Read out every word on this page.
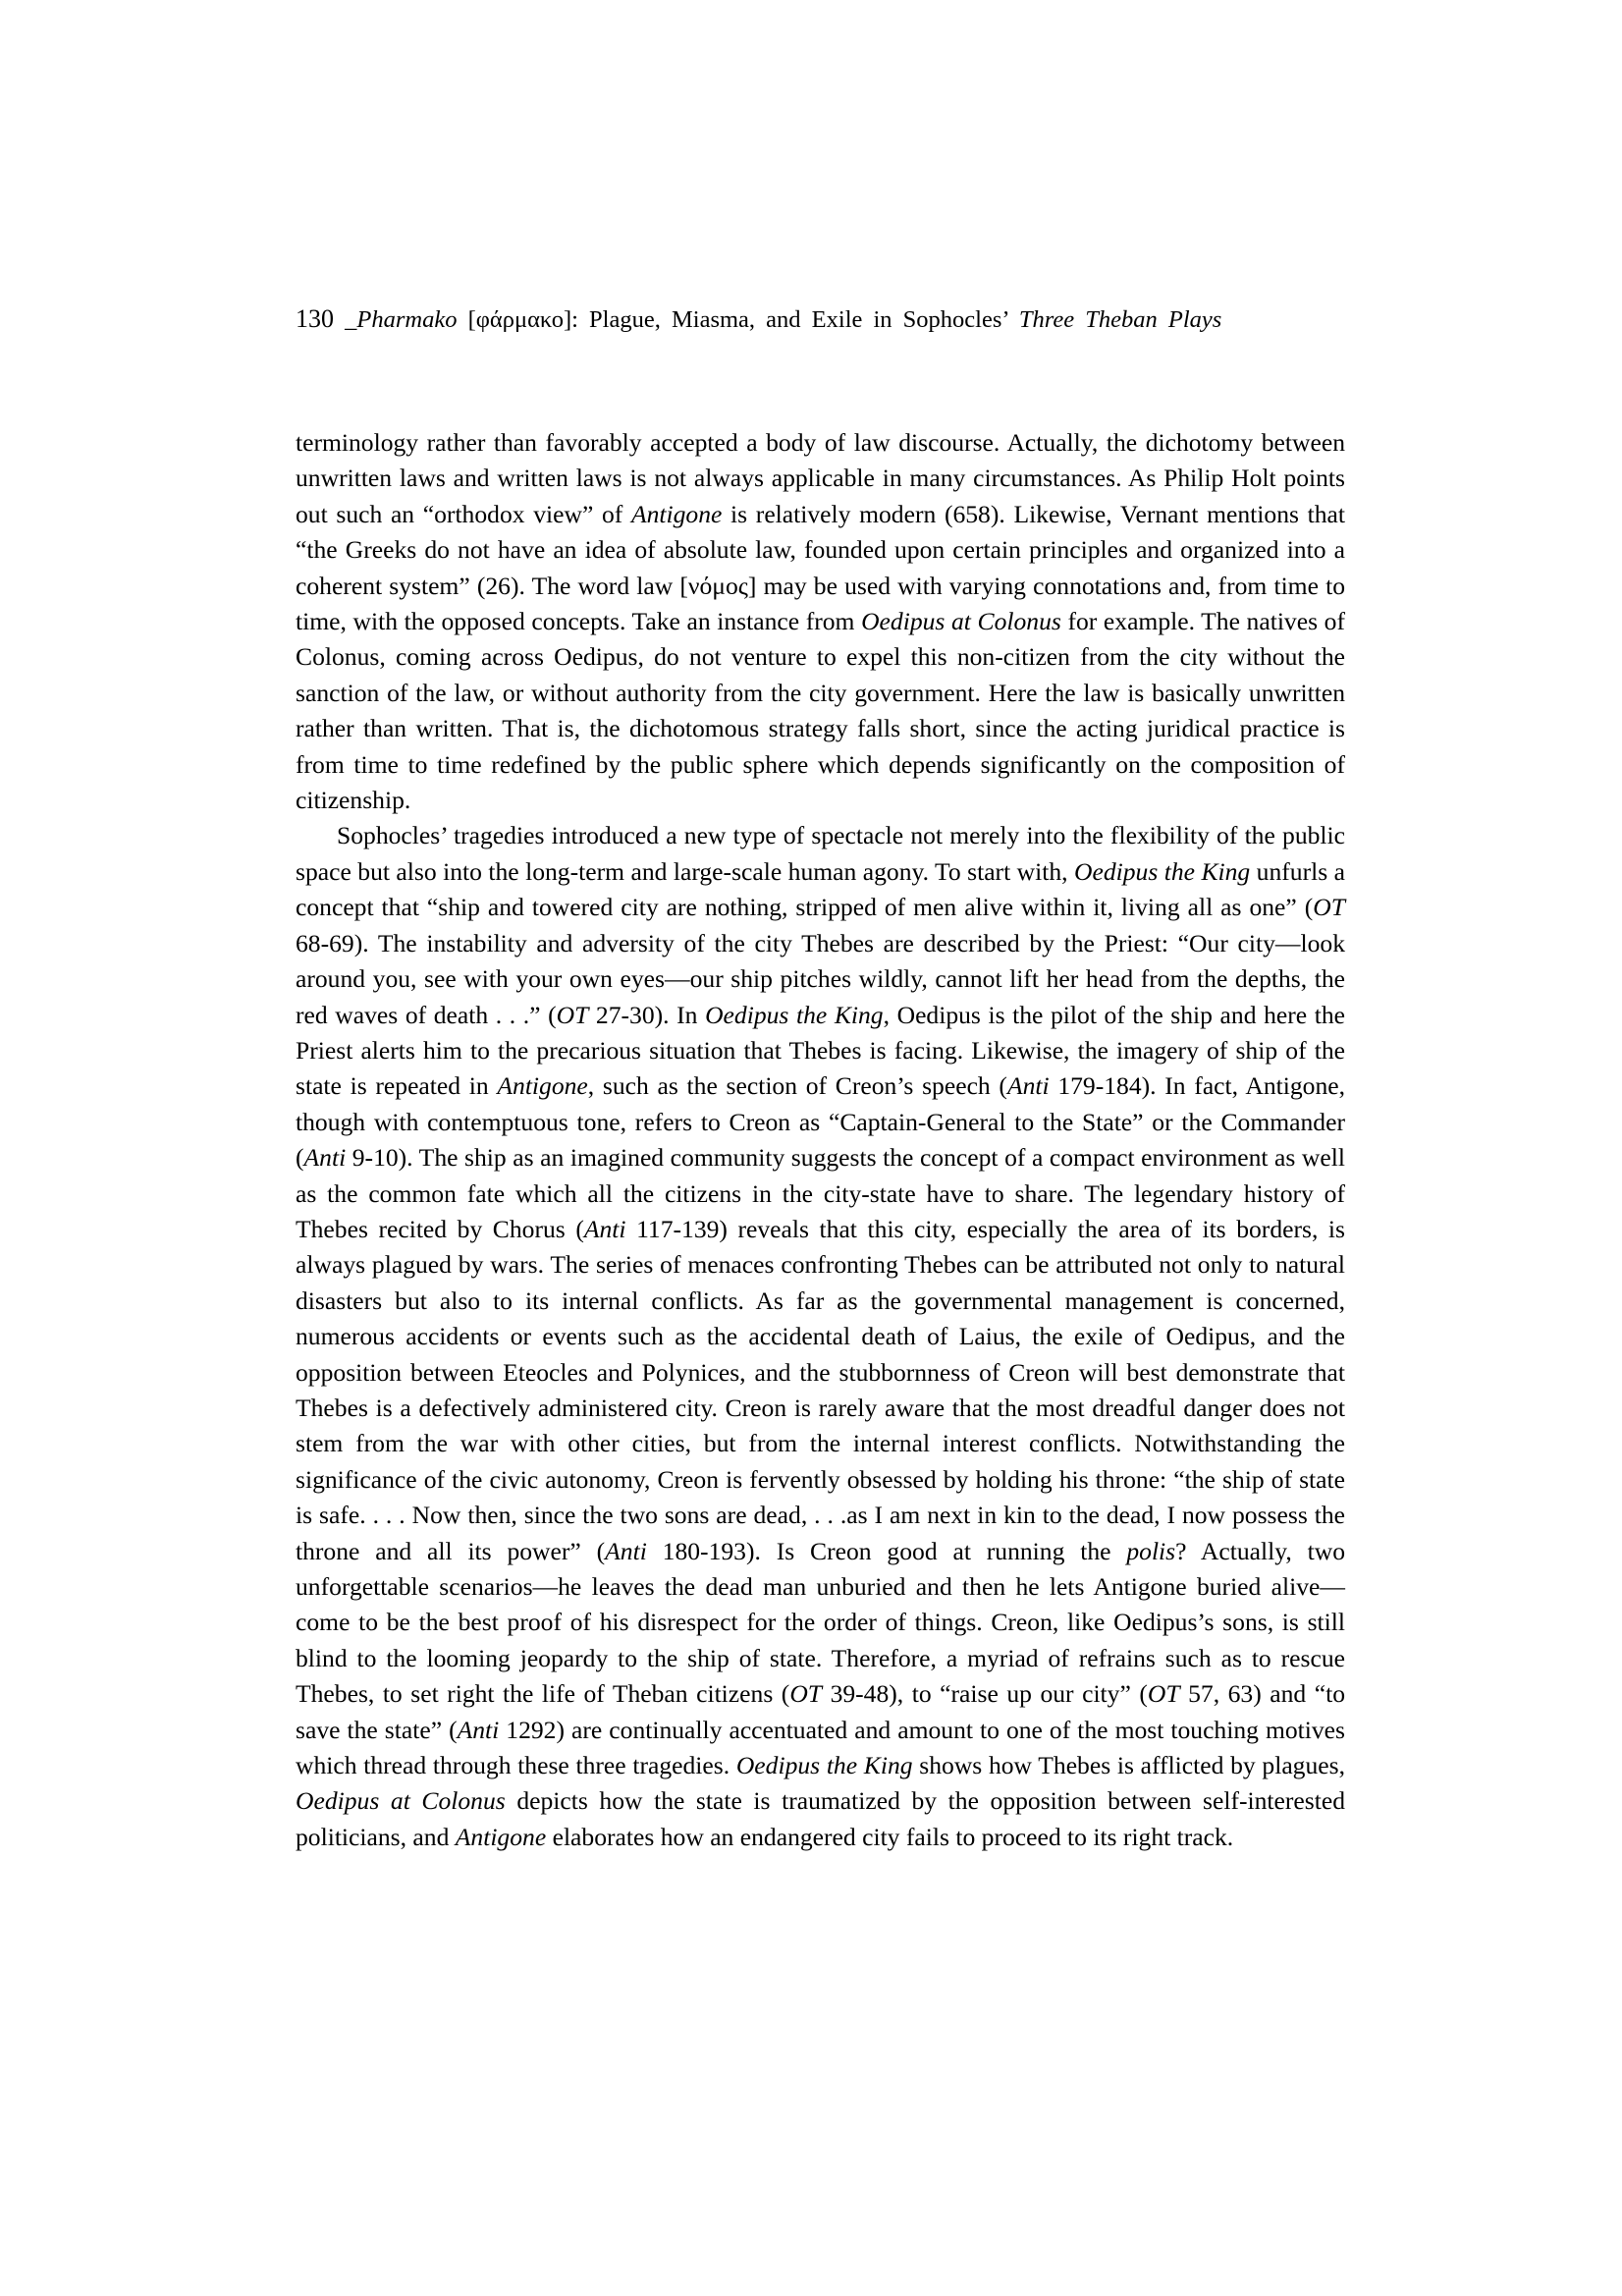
130 _Pharmako [φάρμακο]: Plague, Miasma, and Exile in Sophocles’ Three Theban Plays

terminology rather than favorably accepted a body of law discourse. Actually, the dichotomy between unwritten laws and written laws is not always applicable in many circumstances. As Philip Holt points out such an “orthodox view” of Antigone is relatively modern (658). Likewise, Vernant mentions that “the Greeks do not have an idea of absolute law, founded upon certain principles and organized into a coherent system” (26). The word law [νόμος] may be used with varying connotations and, from time to time, with the opposed concepts. Take an instance from Oedipus at Colonus for example. The natives of Colonus, coming across Oedipus, do not venture to expel this non-citizen from the city without the sanction of the law, or without authority from the city government. Here the law is basically unwritten rather than written. That is, the dichotomous strategy falls short, since the acting juridical practice is from time to time redefined by the public sphere which depends significantly on the composition of citizenship.

Sophocles’ tragedies introduced a new type of spectacle not merely into the flexibility of the public space but also into the long-term and large-scale human agony. To start with, Oedipus the King unfurls a concept that “ship and towered city are nothing, stripped of men alive within it, living all as one” (OT 68-69). The instability and adversity of the city Thebes are described by the Priest: “Our city—look around you, see with your own eyes—our ship pitches wildly, cannot lift her head from the depths, the red waves of death . . .” (OT 27-30). In Oedipus the King, Oedipus is the pilot of the ship and here the Priest alerts him to the precarious situation that Thebes is facing. Likewise, the imagery of ship of the state is repeated in Antigone, such as the section of Creon’s speech (Anti 179-184). In fact, Antigone, though with contemptuous tone, refers to Creon as “Captain-General to the State” or the Commander (Anti 9-10). The ship as an imagined community suggests the concept of a compact environment as well as the common fate which all the citizens in the city-state have to share. The legendary history of Thebes recited by Chorus (Anti 117-139) reveals that this city, especially the area of its borders, is always plagued by wars. The series of menaces confronting Thebes can be attributed not only to natural disasters but also to its internal conflicts. As far as the governmental management is concerned, numerous accidents or events such as the accidental death of Laius, the exile of Oedipus, and the opposition between Eteocles and Polynices, and the stubbornness of Creon will best demonstrate that Thebes is a defectively administered city. Creon is rarely aware that the most dreadful danger does not stem from the war with other cities, but from the internal interest conflicts. Notwithstanding the significance of the civic autonomy, Creon is fervently obsessed by holding his throne: “the ship of state is safe. . . . Now then, since the two sons are dead, . . .as I am next in kin to the dead, I now possess the throne and all its power” (Anti 180-193). Is Creon good at running the polis? Actually, two unforgettable scenarios—he leaves the dead man unburied and then he lets Antigone buried alive—come to be the best proof of his disrespect for the order of things. Creon, like Oedipus’s sons, is still blind to the looming jeopardy to the ship of state. Therefore, a myriad of refrains such as to rescue Thebes, to set right the life of Theban citizens (OT 39-48), to “raise up our city” (OT 57, 63) and “to save the state” (Anti 1292) are continually accentuated and amount to one of the most touching motives which thread through these three tragedies. Oedipus the King shows how Thebes is afflicted by plagues, Oedipus at Colonus depicts how the state is traumatized by the opposition between self-interested politicians, and Antigone elaborates how an endangered city fails to proceed to its right track.
